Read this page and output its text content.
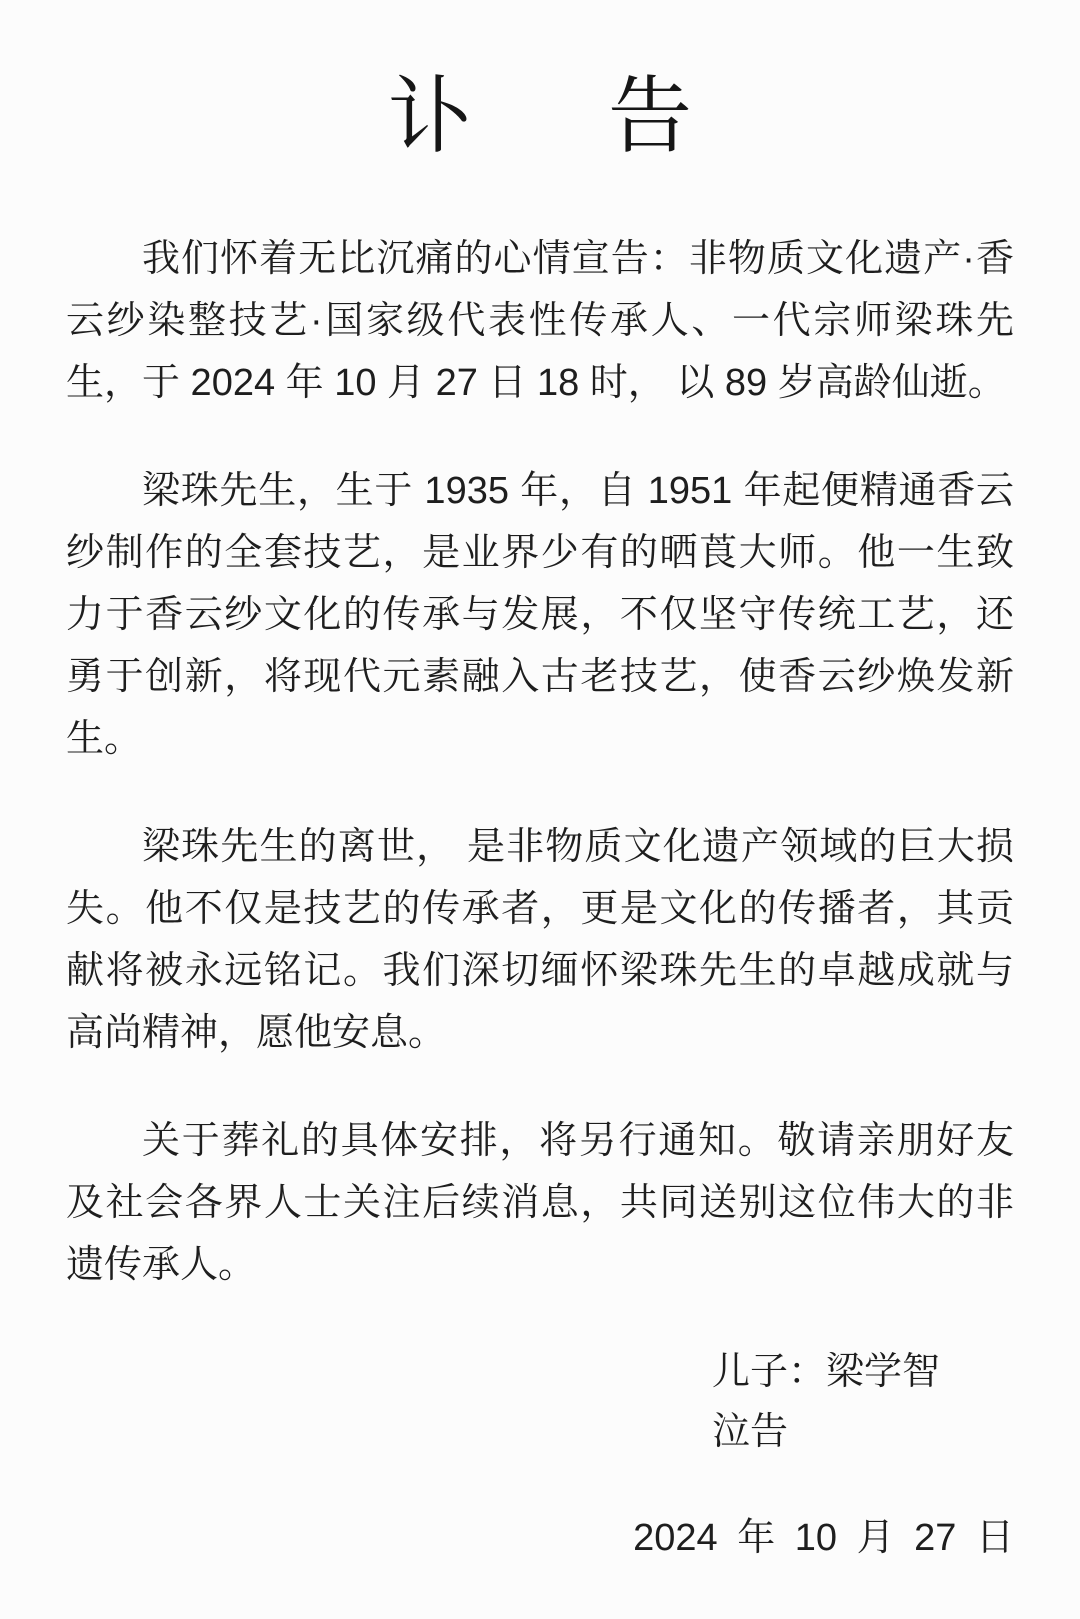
讣　告

我们怀着无比沉痛的心情宣告：非物质文化遗产·香云纱染整技艺·国家级代表性传承人、一代宗师梁珠先生，于 2024 年 10 月 27 日 18 时， 以 89 岁高龄仙逝。

梁珠先生，生于 1935 年，自 1951 年起便精通香云纱制作的全套技艺，是业界少有的晒莨大师。他一生致力于香云纱文化的传承与发展，不仅坚守传统工艺，还勇于创新，将现代元素融入古老技艺，使香云纱焕发新生。

梁珠先生的离世， 是非物质文化遗产领域的巨大损失。他不仅是技艺的传承者，更是文化的传播者，其贡献将被永远铭记。我们深切缅怀梁珠先生的卓越成就与高尚精神，愿他安息。

关于葬礼的具体安排，将另行通知。敬请亲朋好友及社会各界人士关注后续消息，共同送别这位伟大的非遗传承人。

儿子：梁学智
泣告
2024 年 10 月 27 日
